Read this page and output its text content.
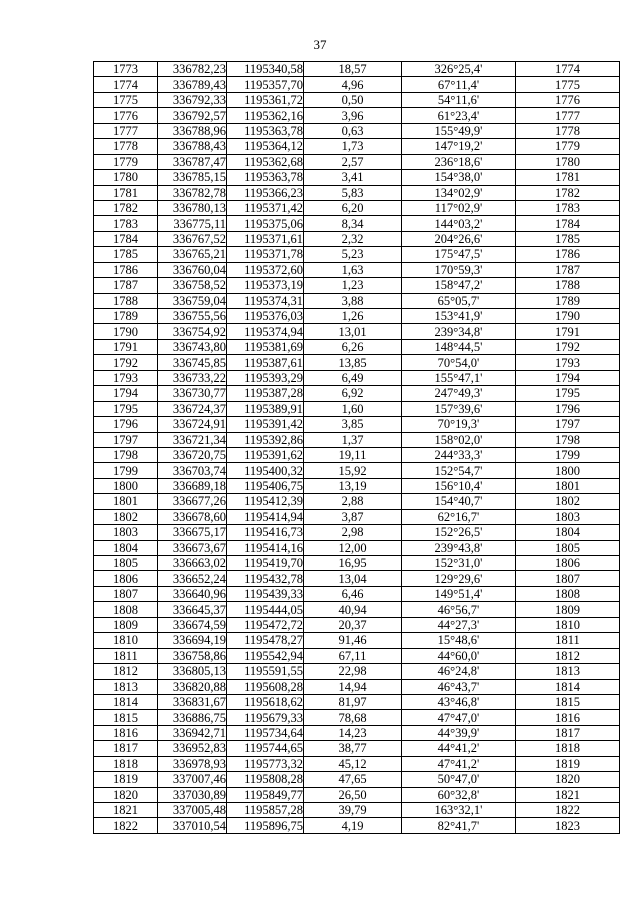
37
1773	336782,23	1195340,58	18,57	326°25,4'	1774
1774	336789,43	1195357,70	4,96	67°11,4'	1775
1775	336792,33	1195361,72	0,50	54°11,6'	1776
1776	336792,57	1195362,16	3,96	61°23,4'	1777
1777	336788,96	1195363,78	0,63	155°49,9'	1778
1778	336788,43	1195364,12	1,73	147°19,2'	1779
1779	336787,47	1195362,68	2,57	236°18,6'	1780
1780	336785,15	1195363,78	3,41	154°38,0'	1781
1781	336782,78	1195366,23	5,83	134°02,9'	1782
1782	336780,13	1195371,42	6,20	117°02,9'	1783
1783	336775,11	1195375,06	8,34	144°03,2'	1784
1784	336767,52	1195371,61	2,32	204°26,6'	1785
1785	336765,21	1195371,78	5,23	175°47,5'	1786
1786	336760,04	1195372,60	1,63	170°59,3'	1787
1787	336758,52	1195373,19	1,23	158°47,2'	1788
1788	336759,04	1195374,31	3,88	65°05,7'	1789
1789	336755,56	1195376,03	1,26	153°41,9'	1790
1790	336754,92	1195374,94	13,01	239°34,8'	1791
1791	336743,80	1195381,69	6,26	148°44,5'	1792
1792	336745,85	1195387,61	13,85	70°54,0'	1793
1793	336733,22	1195393,29	6,49	155°47,1'	1794
1794	336730,77	1195387,28	6,92	247°49,3'	1795
1795	336724,37	1195389,91	1,60	157°39,6'	1796
1796	336724,91	1195391,42	3,85	70°19,3'	1797
1797	336721,34	1195392,86	1,37	158°02,0'	1798
1798	336720,75	1195391,62	19,11	244°33,3'	1799
1799	336703,74	1195400,32	15,92	152°54,7'	1800
1800	336689,18	1195406,75	13,19	156°10,4'	1801
1801	336677,26	1195412,39	2,88	154°40,7'	1802
1802	336678,60	1195414,94	3,87	62°16,7'	1803
1803	336675,17	1195416,73	2,98	152°26,5'	1804
1804	336673,67	1195414,16	12,00	239°43,8'	1805
1805	336663,02	1195419,70	16,95	152°31,0'	1806
1806	336652,24	1195432,78	13,04	129°29,6'	1807
1807	336640,96	1195439,33	6,46	149°51,4'	1808
1808	336645,37	1195444,05	40,94	46°56,7'	1809
1809	336674,59	1195472,72	20,37	44°27,3'	1810
1810	336694,19	1195478,27	91,46	15°48,6'	1811
1811	336758,86	1195542,94	67,11	44°60,0'	1812
1812	336805,13	1195591,55	22,98	46°24,8'	1813
1813	336820,88	1195608,28	14,94	46°43,7'	1814
1814	336831,67	1195618,62	81,97	43°46,8'	1815
1815	336886,75	1195679,33	78,68	47°47,0'	1816
1816	336942,71	1195734,64	14,23	44°39,9'	1817
1817	336952,83	1195744,65	38,77	44°41,2'	1818
1818	336978,93	1195773,32	45,12	47°41,2'	1819
1819	337007,46	1195808,28	47,65	50°47,0'	1820
1820	337030,89	1195849,77	26,50	60°32,8'	1821
1821	337005,48	1195857,28	39,79	163°32,1'	1822
1822	337010,54	1195896,75	4,19	82°41,7'	1823
